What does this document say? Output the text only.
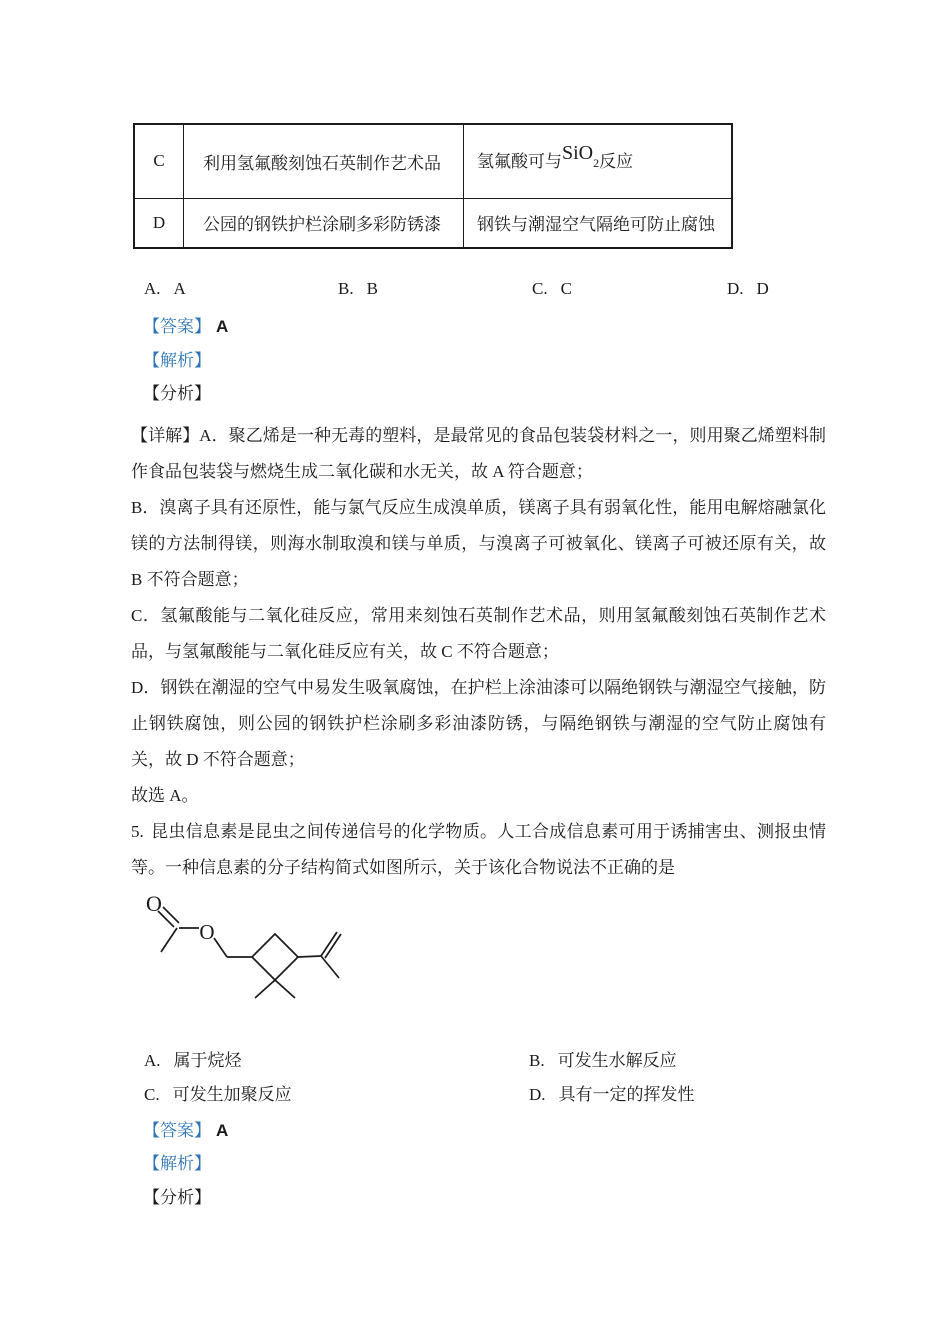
C	利用氢氟酸刻蚀石英制作艺术品	氢氟酸可与SiO$_2$反应
D	公园的钢铁护栏涂刷多彩防锈漆	钢铁与潮湿空气隔绝可防止腐蚀
A. A	B. B	C. C	D. D
【答案】 A
【解析】
【分析】

【详解】A．聚乙烯是一种无毒的塑料，是最常见的食品包装袋材料之一，则用聚乙烯塑料制作食品包装袋与燃烧生成二氧化碳和水无关，故 A 符合题意；

B．溴离子具有还原性，能与氯气反应生成溴单质，镁离子具有弱氧化性，能用电解熔融氯化镁的方法制得镁，则海水制取溴和镁与单质，与溴离子可被氧化、镁离子可被还原有关，故 B 不符合题意；

C．氢氟酸能与二氧化硅反应，常用来刻蚀石英制作艺术品，则用氢氟酸刻蚀石英制作艺术品，与氢氟酸能与二氧化硅反应有关，故 C 不符合题意；

D．钢铁在潮湿的空气中易发生吸氧腐蚀，在护栏上涂油漆可以隔绝钢铁与潮湿空气接触，防止钢铁腐蚀，则公园的钢铁护栏涂刷多彩油漆防锈，与隔绝钢铁与潮湿的空气防止腐蚀有关，故 D 不符合题意；

故选 A。

5. 昆虫信息素是昆虫之间传递信号的化学物质。人工合成信息素可用于诱捕害虫、测报虫情等。一种信息素的分子结构简式如图所示，关于该化合物说法不正确的是

O
O
A. 属于烷烃	B. 可发生水解反应
C. 可发生加聚反应	D. 具有一定的挥发性
【答案】 A
【解析】
【分析】
